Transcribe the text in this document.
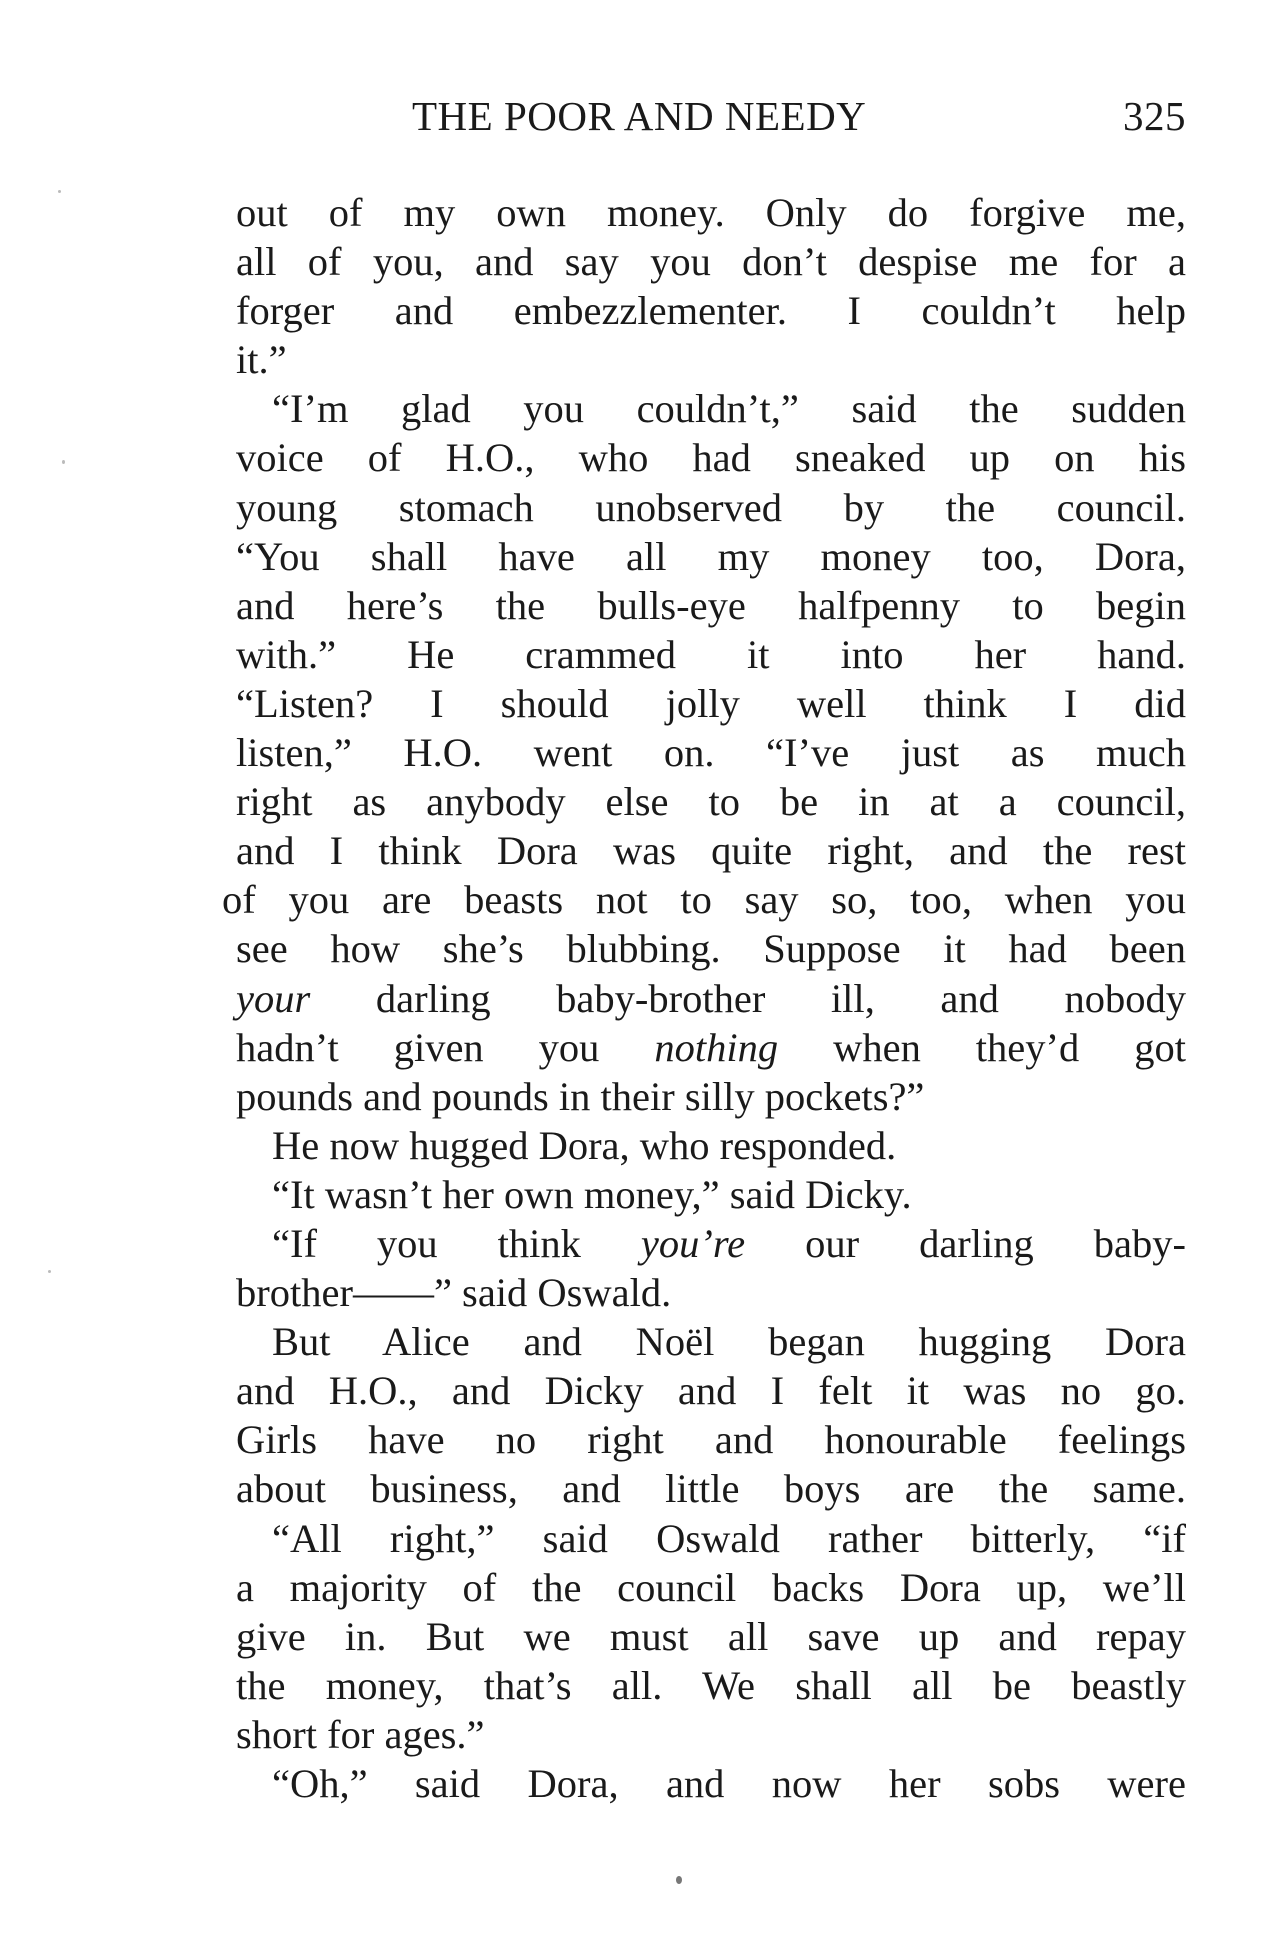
THE POOR AND NEEDY	325
out of my own money. Only do forgive me,
all of you, and say you don’t despise me for a
forger and embezzlementer. I couldn’t help
it.”
“I’m glad you couldn’t,” said the sudden
voice of H.O., who had sneaked up on his
young stomach unobserved by the council.
“You shall have all my money too, Dora,
and here’s the bulls-eye halfpenny to begin
with.” He crammed it into her hand.
“Listen? I should jolly well think I did
listen,” H.O. went on. “I’ve just as much
right as anybody else to be in at a council,
and I think Dora was quite right, and the rest
of you are beasts not to say so, too, when you
see how she’s blubbing. Suppose it had been
your darling baby-brother ill, and nobody
hadn’t given you nothing when they’d got
pounds and pounds in their silly pockets?”
He now hugged Dora, who responded.
“It wasn’t her own money,” said Dicky.
“If you think you’re our darling baby-
brother——” said Oswald.
But Alice and Noël began hugging Dora
and H.O., and Dicky and I felt it was no go.
Girls have no right and honourable feelings
about business, and little boys are the same.
“All right,” said Oswald rather bitterly, “if
a majority of the council backs Dora up, we’ll
give in. But we must all save up and repay
the money, that’s all. We shall all be beastly
short for ages.”
“Oh,” said Dora, and now her sobs were
